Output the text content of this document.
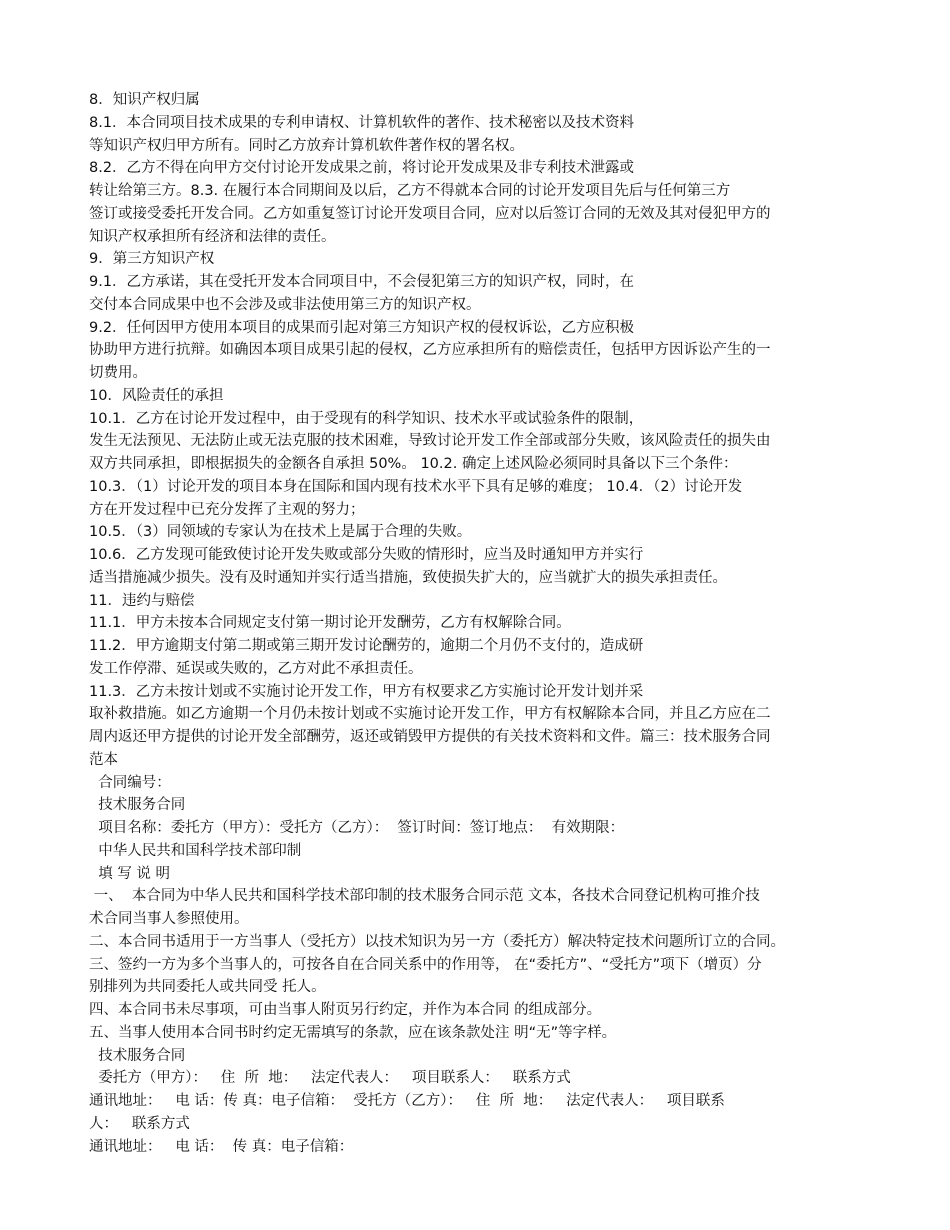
8．知识产权归属
8.1．本合同项目技术成果的专利申请权、计算机软件的著作、技术秘密以及技术资料
等知识产权归甲方所有。同时乙方放弃计算机软件著作权的署名权。
8.2．乙方不得在向甲方交付讨论开发成果之前，将讨论开发成果及非专利技术泄露或
转让给第三方。8.3. 在履行本合同期间及以后，乙方不得就本合同的讨论开发项目先后与任何第三方
签订或接受委托开发合同。乙方如重复签订讨论开发项目合同，应对以后签订合同的无效及其对侵犯甲方的
知识产权承担所有经济和法律的责任。
9．第三方知识产权
9.1．乙方承诺，其在受托开发本合同项目中，不会侵犯第三方的知识产权，同时，在
交付本合同成果中也不会涉及或非法使用第三方的知识产权。
9.2．任何因甲方使用本项目的成果而引起对第三方知识产权的侵权诉讼，乙方应积极
协助甲方进行抗辩。如确因本项目成果引起的侵权，乙方应承担所有的赔偿责任，包括甲方因诉讼产生的一
切费用。
10．风险责任的承担
10.1．乙方在讨论开发过程中，由于受现有的科学知识、技术水平或试验条件的限制，
发生无法预见、无法防止或无法克服的技术困难，导致讨论开发工作全部或部分失败，该风险责任的损失由
双方共同承担，即根据损失的金额各自承担 50%。 10.2. 确定上述风险必须同时具备以下三个条件：
10.3．（1）讨论开发的项目本身在国际和国内现有技术水平下具有足够的难度； 10.4．（2）讨论开发
方在开发过程中已充分发挥了主观的努力；
10.5．（3）同领域的专家认为在技术上是属于合理的失败。
10.6．乙方发现可能致使讨论开发失败或部分失败的情形时，应当及时通知甲方并实行
适当措施减少损失。没有及时通知并实行适当措施，致使损失扩大的，应当就扩大的损失承担责任。
11．违约与赔偿
11.1．甲方未按本合同规定支付第一期讨论开发酬劳，乙方有权解除合同。
11.2．甲方逾期支付第二期或第三期开发讨论酬劳的，逾期二个月仍不支付的，造成研
发工作停滞、延误或失败的，乙方对此不承担责任。
11.3．乙方未按计划或不实施讨论开发工作，甲方有权要求乙方实施讨论开发计划并采
取补救措施。如乙方逾期一个月仍未按计划或不实施讨论开发工作，甲方有权解除本合同，并且乙方应在二
周内返还甲方提供的讨论开发全部酬劳，返还或销毁甲方提供的有关技术资料和文件。篇三：技术服务合同
范本
合同编号：
技术服务合同
项目名称：委托方（甲方）：受托方（乙方）：  签订时间：签订地点：  有效期限：
中华人民共和国科学技术部印制
填 写 说 明
一、  本合同为中华人民共和国科学技术部印制的技术服务合同示范 文本，各技术合同登记机构可推介技
术合同当事人参照使用。
二、本合同书适用于一方当事人（受托方）以技术知识为另一方（委托方）解决特定技术问题所订立的合同。
三、签约一方为多个当事人的，可按各自在合同关系中的作用等， 在“委托方”、“受托方”项下（增页）分
别排列为共同委托人或共同受 托人。
四、本合同书未尽事项，可由当事人附页另行约定，并作为本合同 的组成部分。
五、当事人使用本合同书时约定无需填写的条款，应在该条款处注 明“无”等字样。
技术服务合同
委托方（甲方）：   住  所  地：   法定代表人：   项目联系人：   联系方式
通讯地址：   电 话：传 真：电子信箱：  受托方（乙方）：   住  所  地：   法定代表人：   项目联系
人：   联系方式
通讯地址：   电 话：  传 真：电子信箱：
